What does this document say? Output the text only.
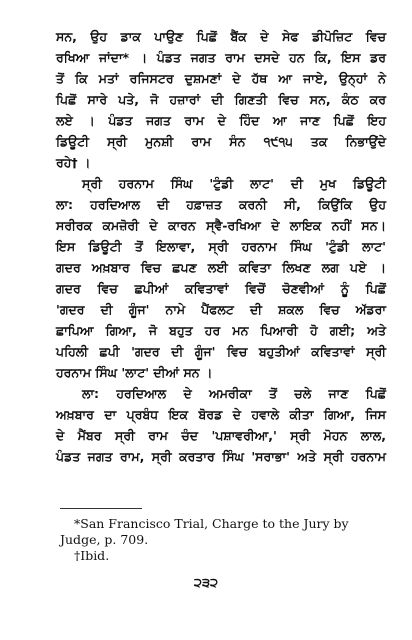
ਸਨ, ਉਹ ਡਾਕ ਪਾਉਣ ਪਿਛੋਂ ਬੈਂਕ ਦੇ ਸੇਫ ਡੀਪੋਜ਼ਿਟ ਵਿਚ

ਰਖਿਆ ਜਾਂਦਾ* । ਪੰਡਤ ਜਗਤ ਰਾਮ ਦਸਦੇ ਹਨ ਕਿ, ਇਸ ਡਰ

ਤੋਂ ਕਿ ਮਤਾਂ ਰਜਿਸਟਰ ਦੁਸ਼ਮਣਾਂ ਦੇ ਹੱਥ ਆ ਜਾਏ, ਉਨ੍ਹਾਂ ਨੇ

ਪਿਛੋਂ ਸਾਰੇ ਪਤੇ, ਜੋ ਹਜ਼ਾਰਾਂ ਦੀ ਗਿਣਤੀ ਵਿਚ ਸਨ, ਕੰਠ ਕਰ

ਲਏ । ਪੰਡਤ ਜਗਤ ਰਾਮ ਦੇ ਹਿੰਦ ਆ ਜਾਣ ਪਿਛੋਂ ਇਹ

ਡਿਊਟੀ ਸ੍ਰੀ ਮੁਨਸ਼ੀ ਰਾਮ ਸੰਨ ੧੯੧੫ ਤਕ ਨਿਭਾਉਂਦੇ

ਰਹੇ† ।

ਸ੍ਰੀ ਹਰਨਾਮ ਸਿੰਘ 'ਟੁੰਡੀ ਲਾਟ' ਦੀ ਮੁਖ ਡਿਊਟੀ

ਲਾ: ਹਰਦਿਆਲ ਦੀ ਹਫ਼ਾਜ਼ਤ ਕਰਨੀ ਸੀ, ਕਿਉਂਕਿ ਉਹ

ਸਰੀਰਕ ਕਮਜ਼ੋਰੀ ਦੇ ਕਾਰਨ ਸ੍ਵੈ-ਰਖਿਆ ਦੇ ਲਾਇਕ ਨਹੀਂ ਸਨ।

ਇਸ ਡਿਊਟੀ ਤੋਂ ਇਲਾਵਾ, ਸ੍ਰੀ ਹਰਨਾਮ ਸਿੰਘ 'ਟੁੰਡੀ ਲਾਟ'

ਗਦਰ ਅਖ਼ਬਾਰ ਵਿਚ ਛਪਣ ਲਈ ਕਵਿਤਾ ਲਿਖਣ ਲਗ ਪਏ ।

ਗਦਰ ਵਿਚ ਛਪੀਆਂ ਕਵਿਤਾਵਾਂ ਵਿਚੋਂ ਚੋਣਵੀਆਂ ਨੂੰ ਪਿਛੋਂ

'ਗਦਰ ਦੀ ਗੂੰਜ' ਨਾਮੇ ਪੈਂਫਲਟ ਦੀ ਸ਼ਕਲ ਵਿਚ ਅੱਡਰਾ

ਛਾਪਿਆ ਗਿਆ, ਜੋ ਬਹੁਤ ਹਰ ਮਨ ਪਿਆਰੀ ਹੋ ਗਈ; ਅਤੇ

ਪਹਿਲੀ ਛਪੀ 'ਗਦਰ ਦੀ ਗੂੰਜ' ਵਿਚ ਬਹੁਤੀਆਂ ਕਵਿਤਾਵਾਂ ਸ੍ਰੀ

ਹਰਨਾਮ ਸਿੰਘ 'ਲਾਟ' ਦੀਆਂ ਸਨ ।

ਲਾ: ਹਰਦਿਆਲ ਦੇ ਅਮਰੀਕਾ ਤੋਂ ਚਲੇ ਜਾਣ ਪਿਛੋਂ

ਅਖ਼ਬਾਰ ਦਾ ਪ੍ਰਬੰਧ ਇਕ ਬੋਰਡ ਦੇ ਹਵਾਲੇ ਕੀਤਾ ਗਿਆ, ਜਿਸ

ਦੇ ਮੈਂਬਰ ਸ੍ਰੀ ਰਾਮ ਚੰਦ 'ਪਸ਼ਾਵਰੀਆ,' ਸ੍ਰੀ ਮੋਹਨ ਲਾਲ,

ਪੰਡਤ ਜਗਤ ਰਾਮ, ਸ੍ਰੀ ਕਰਤਾਰ ਸਿੰਘ 'ਸਰਾਭਾ' ਅਤੇ ਸ੍ਰੀ ਹਰਨਾਮ

*San Francisco Trial, Charge to the Jury by Judge, p. 709.

†Ibid.

੨੩੨
